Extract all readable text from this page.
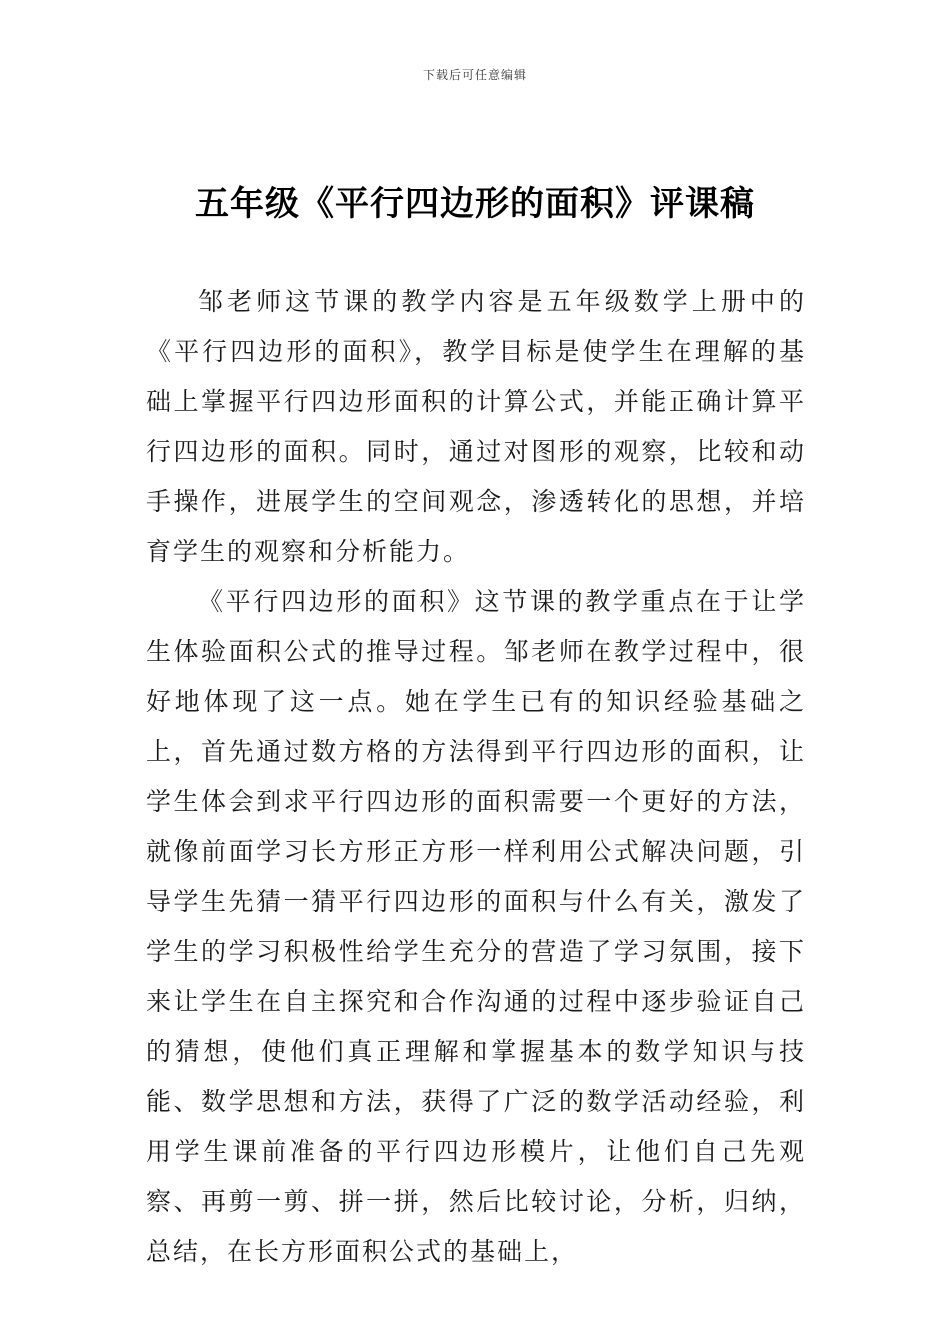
下载后可任意编辑
五年级《平行四边形的面积》评课稿

邹老师这节课的教学内容是五年级数学上册中的《平行四边形的面积》，教学目标是使学生在理解的基础上掌握平行四边形面积的计算公式，并能正确计算平行四边形的面积。同时，通过对图形的观察，比较和动手操作，进展学生的空间观念，渗透转化的思想，并培育学生的观察和分析能力。

《平行四边形的面积》这节课的教学重点在于让学生体验面积公式的推导过程。邹老师在教学过程中，很好地体现了这一点。她在学生已有的知识经验基础之上，首先通过数方格的方法得到平行四边形的面积，让学生体会到求平行四边形的面积需要一个更好的方法，就像前面学习长方形正方形一样利用公式解决问题，引导学生先猜一猜平行四边形的面积与什么有关，激发了学生的学习积极性给学生充分的营造了学习氛围，接下来让学生在自主探究和合作沟通的过程中逐步验证自己的猜想，使他们真正理解和掌握基本的数学知识与技能、数学思想和方法，获得了广泛的数学活动经验，利用学生课前准备的平行四边形模片，让他们自己先观察、再剪一剪、拼一拼，然后比较讨论，分析，归纳，总结，在长方形面积公式的基础上，
